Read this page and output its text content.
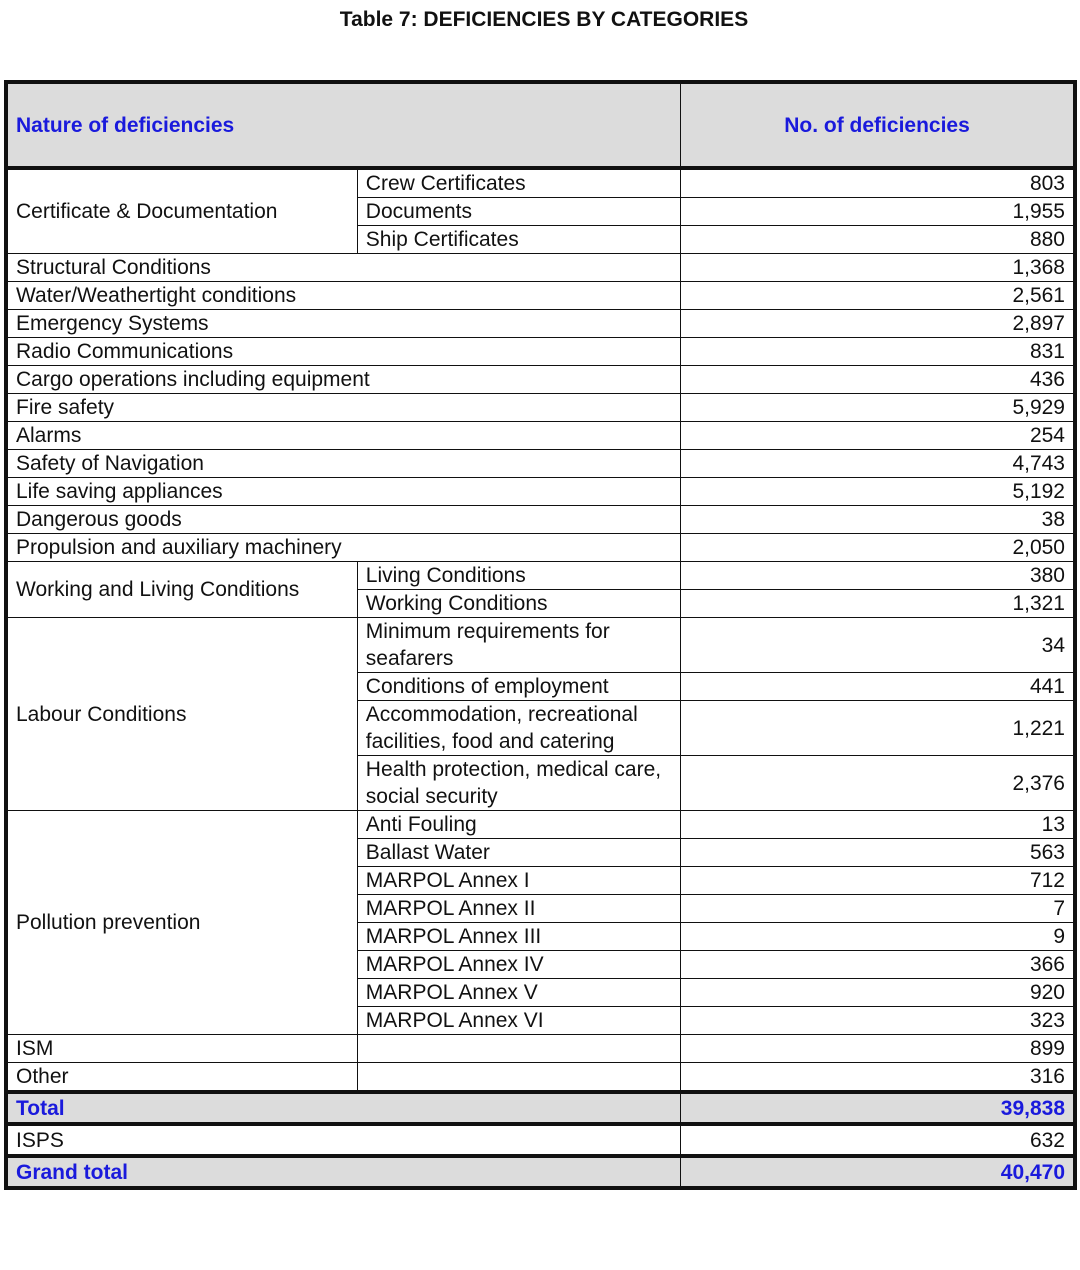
Table 7: DEFICIENCIES BY CATEGORIES
Nature of deficiencies		No. of deficiencies
Certificate & Documentation	Crew Certificates	803
	Documents	1,955
	Ship Certificates	880
Structural Conditions		1,368
Water/Weathertight conditions		2,561
Emergency Systems		2,897
Radio Communications		831
Cargo operations including equipment		436
Fire safety		5,929
Alarms		254
Safety of Navigation		4,743
Life saving appliances		5,192
Dangerous goods		38
Propulsion and auxiliary machinery		2,050
Working and Living Conditions	Living Conditions	380
	Working Conditions	1,321
Labour Conditions	Minimum requirements for seafarers	34
	Conditions of employment	441
	Accommodation, recreational facilities, food and catering	1,221
	Health protection, medical care, social security	2,376
Pollution prevention	Anti Fouling	13
	Ballast Water	563
	MARPOL Annex I	712
	MARPOL Annex II	7
	MARPOL Annex III	9
	MARPOL Annex IV	366
	MARPOL Annex V	920
	MARPOL Annex VI	323
ISM		899
Other		316
Total		39,838
ISPS		632
Grand total		40,470
